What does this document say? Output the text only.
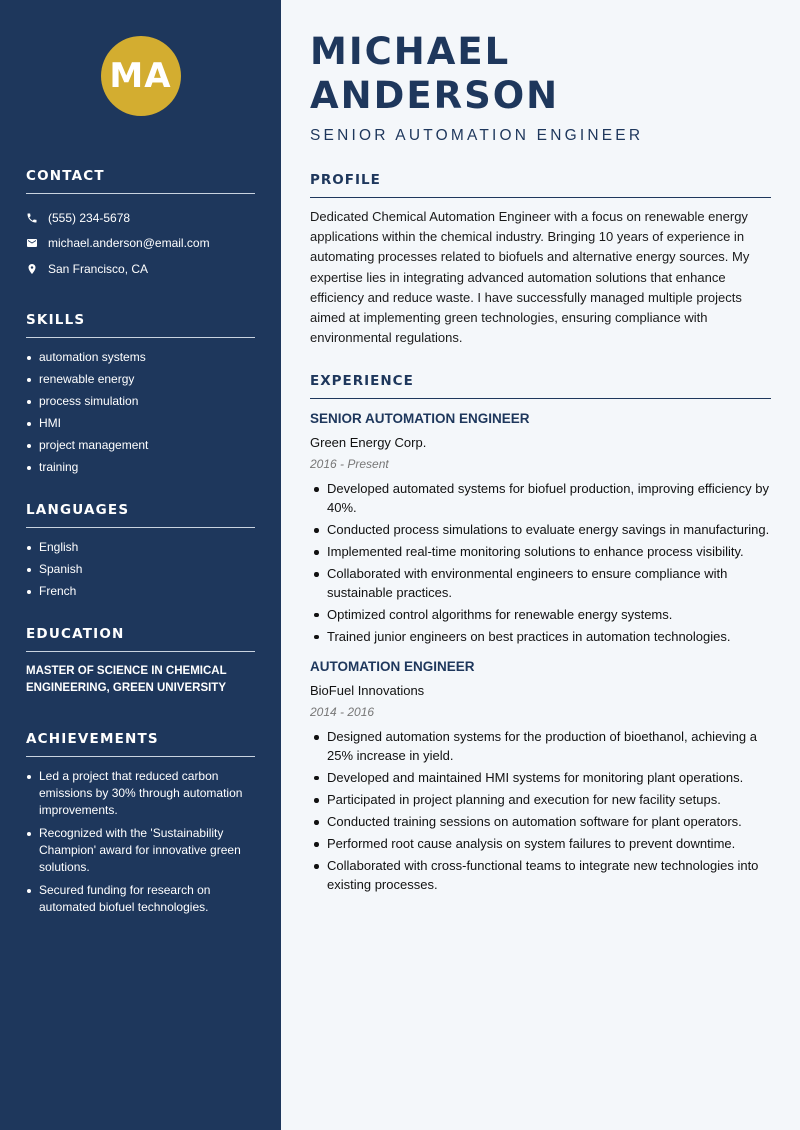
MA
CONTACT
(555) 234-5678
michael.anderson@email.com
San Francisco, CA
SKILLS
automation systems
renewable energy
process simulation
HMI
project management
training
LANGUAGES
English
Spanish
French
EDUCATION

MASTER OF SCIENCE IN CHEMICAL ENGINEERING, GREEN UNIVERSITY

ACHIEVEMENTS
Led a project that reduced carbon emissions by 30% through automation improvements.
Recognized with the 'Sustainability Champion' award for innovative green solutions.
Secured funding for research on automated biofuel technologies.
MICHAEL ANDERSON
SENIOR AUTOMATION ENGINEER
PROFILE

Dedicated Chemical Automation Engineer with a focus on renewable energy applications within the chemical industry. Bringing 10 years of experience in automating processes related to biofuels and alternative energy sources. My expertise lies in integrating advanced automation solutions that enhance efficiency and reduce waste. I have successfully managed multiple projects aimed at implementing green technologies, ensuring compliance with environmental regulations.

EXPERIENCE
SENIOR AUTOMATION ENGINEER
Green Energy Corp.
2016 - Present
Developed automated systems for biofuel production, improving efficiency by 40%.
Conducted process simulations to evaluate energy savings in manufacturing.
Implemented real-time monitoring solutions to enhance process visibility.
Collaborated with environmental engineers to ensure compliance with sustainable practices.
Optimized control algorithms for renewable energy systems.
Trained junior engineers on best practices in automation technologies.
AUTOMATION ENGINEER
BioFuel Innovations
2014 - 2016
Designed automation systems for the production of bioethanol, achieving a 25% increase in yield.
Developed and maintained HMI systems for monitoring plant operations.
Participated in project planning and execution for new facility setups.
Conducted training sessions on automation software for plant operators.
Performed root cause analysis on system failures to prevent downtime.
Collaborated with cross-functional teams to integrate new technologies into existing processes.
